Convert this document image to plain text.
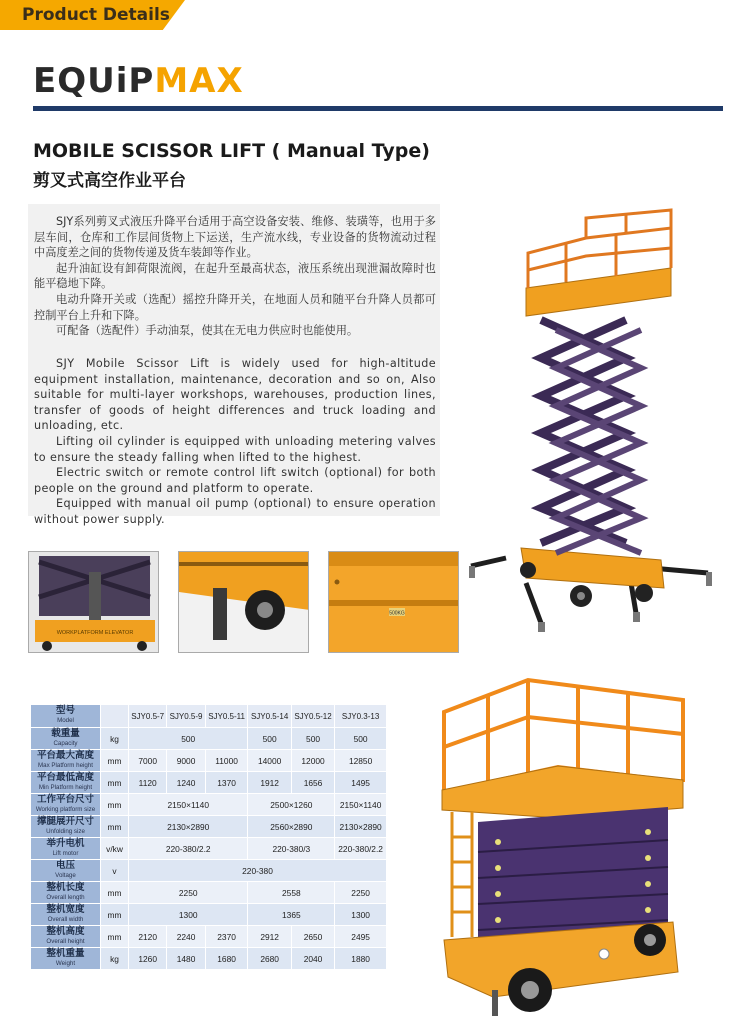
Product Details
EQUiPMAX
MOBILE SCISSOR LIFT ( Manual Type)
剪叉式高空作业平台
SJY系列剪叉式液压升降平台适用于高空设备安装、维修、装璜等，也用于多层车间，仓库和工作层间货物上下运送，生产流水线，专业设备的货物流动过程中高度差之间的货物传递及货车装卸等作业。
起升油缸设有卸荷限流阀，在起升至最高状态，液压系统出现泄漏故障时也能平稳地下降。
电动升降开关或（选配）摇控升降开关，在地面人员和随平台升降人员都可控制平台上升和下降。
可配备（选配件）手动油泵，使其在无电力供应时也能使用。
SJY Mobile Scissor Lift is widely used for high-altitude equipment installation, maintenance, decoration and so on, Also suitable for multi-layer workshops, warehouses, production lines, transfer of goods of height differences and truck loading and unloading, etc.
Lifting oil cylinder is equipped with unloading metering valves to ensure the steady falling when lifted to the highest.
Electric switch or remote control lift switch (optional) for both people on the ground and platform to operate.
Equipped with manual oil pump (optional) to ensure operation without power supply.
WORKPLATFORM ELEVATOR
500KG
型号
Model		SJY0.5-7	SJY0.5-9	SJY0.5-11	SJY0.5-14	SJY0.5-12	SJY0.3-13

载重量
Capacity	kg	500			500	500	500

平台最大高度
Max Platform height	mm	7000	9000	11000	14000	12000	12850

平台最低高度
Min Platform height	mm	1120	1240	1370	1912	1656	1495

工作平台尺寸
Working platform size	mm	2150×1140			2500×1260		2150×1140

撑腿展开尺寸
Unfolding size	mm	2130×2890			2560×2890		2130×2890

举升电机
Lift motor	v/kw	220-380/2.2			220-380/3		220-380/2.2

电压
Voltage	v	220-380					

整机长度
Overall length	mm	2250			2558		2250

整机宽度
Overall width	mm	1300			1365		1300

整机高度
Overall height	mm	2120	2240	2370	2912	2650	2495

整机重量
Weight	kg	1260	1480	1680	2680	2040	1880
